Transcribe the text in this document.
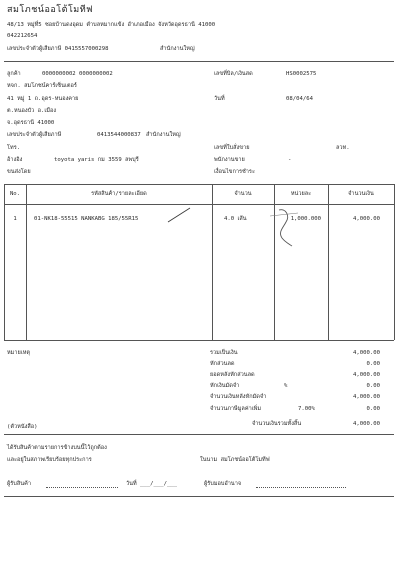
สมโภชน์ออโต้โมทีฟ
48/13 หมู่ที่5 ซอยบ้านดงอุดม ตำบลหมากแข้ง อำเภอเมือง จังหวัดอุดรธานี 41000
042212654
เลขประจำตัวผู้เสียภาษี 0415557000298	สำนักงานใหญ่
ลูกค้า	0000000002 0000000002
หจก. สมโภชน์คาร์เซ็นเตอร์
41 หมู่ 1 ถ.อุดร-หนองคาย
ต.หนองบัว อ.เมือง
จ.อุดรธานี 41000
เลขประจำตัวผู้เสียภาษี	0413544000837 สำนักงานใหญ่
โทร.
อ้างอิง	toyota yaris กม 3559 ลพบุรี
ขนส่งโดย
เลขที่บิล/เงินสด	HS0002575
วันที่	08/04/64
เลขที่ใบสั่งขาย	ลวท.
พนักงานขาย	-
เงื่อนไขการชำระ
No.	รหัสสินค้า/รายละเอียด	จำนวน	หน่วยละ	จำนวนเงิน
1	01-NK18-55515 NANKABG 185/55R15	4.0 เส้น	1,000.000	4,000.00
หมายเหตุ
(ตัวหนังสือ)
รวมเป็นเงิน	4,000.00
หักส่วนลด	0.00
ยอดหลังหักส่วนลด	4,000.00
หักเงินมัดจำ	%	0.00
จำนวนเงินหลังหักมัดจำ	4,000.00
จำนวนภาษีมูลค่าเพิ่ม	7.00%	0.00
จำนวนเงินรวมทั้งสิ้น	4,000.00
ได้รับสินค้าตามรายการข้างบนนี้ไว้ถูกต้อง
และอยู่ในสภาพเรียบร้อยทุกประการ	ในนาม สมโภชน์ออโต้โมทีฟ
ผู้รับสินค้า	วันที่ ___/___/___	ผู้รับมอบอำนาจ
